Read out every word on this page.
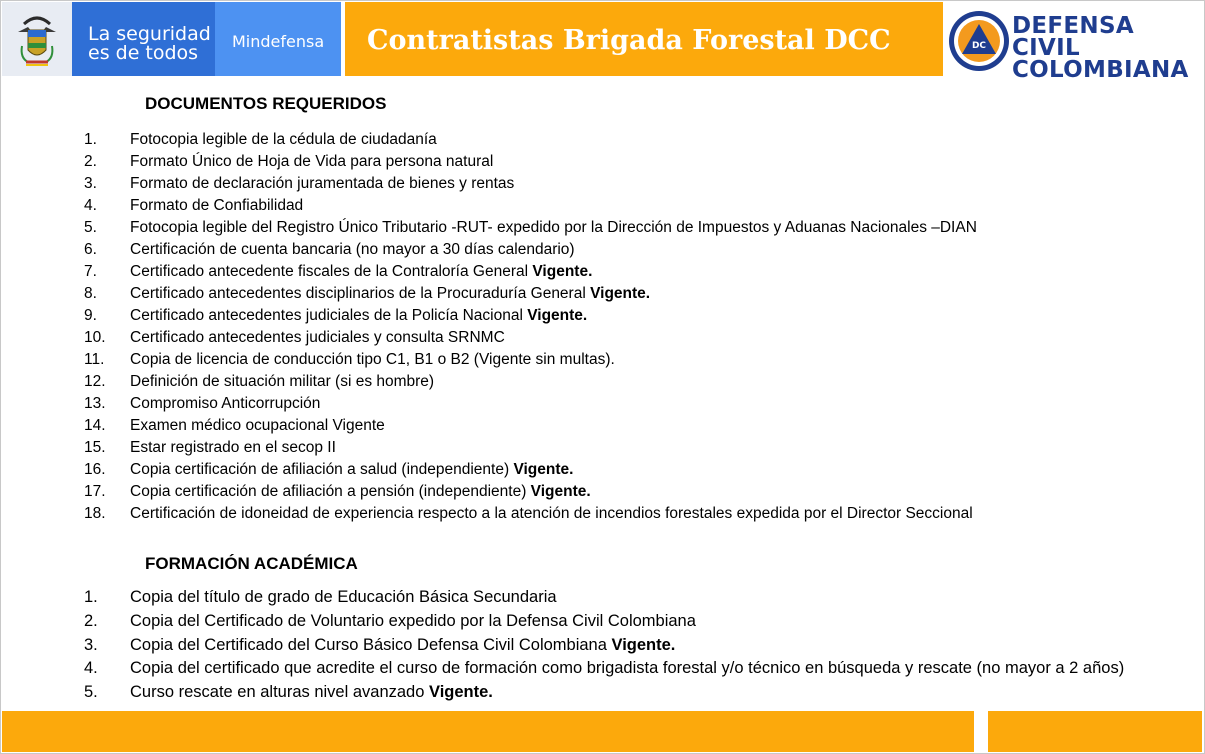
La seguridad
es de todos
Mindefensa Contratistas Brigada Forestal DCC	DC
DEFENSA CIVIL
COLOMBIANA
DOCUMENTOS REQUERIDOS
1. Fotocopia legible de la cédula de ciudadanía
2. Formato Único de Hoja de Vida para persona natural
3. Formato de declaración juramentada de bienes y rentas
4. Formato de Confiabilidad
5. Fotocopia legible del Registro Único Tributario -RUT- expedido por la Dirección de Impuestos y Aduanas Nacionales –DIAN
6. Certificación de cuenta bancaria (no mayor a 30 días calendario)
7. Certificado antecedente fiscales de la Contraloría General Vigente.
8. Certificado antecedentes disciplinarios de la Procuraduría General Vigente.
9. Certificado antecedentes judiciales de la Policía Nacional Vigente.
10. Certificado antecedentes judiciales y consulta SRNMC
11. Copia de licencia de conducción tipo C1, B1 o B2 (Vigente sin multas).
12. Definición de situación militar (si es hombre)
13. Compromiso Anticorrupción
14. Examen médico ocupacional Vigente
15. Estar registrado en el secop II
16. Copia certificación de afiliación a salud (independiente) Vigente.
17. Copia certificación de afiliación a pensión (independiente) Vigente.
18. Certificación de idoneidad de experiencia respecto a la atención de incendios forestales expedida por el Director Seccional
FORMACIÓN ACADÉMICA
1. Copia del título de grado de Educación Básica Secundaria
2. Copia del Certificado de Voluntario expedido por la Defensa Civil Colombiana
3. Copia del Certificado del Curso Básico Defensa Civil Colombiana Vigente.
4. Copia del certificado que acredite el curso de formación como brigadista forestal y/o técnico en búsqueda y rescate (no mayor a 2 años)
5. Curso rescate en alturas nivel avanzado Vigente.
